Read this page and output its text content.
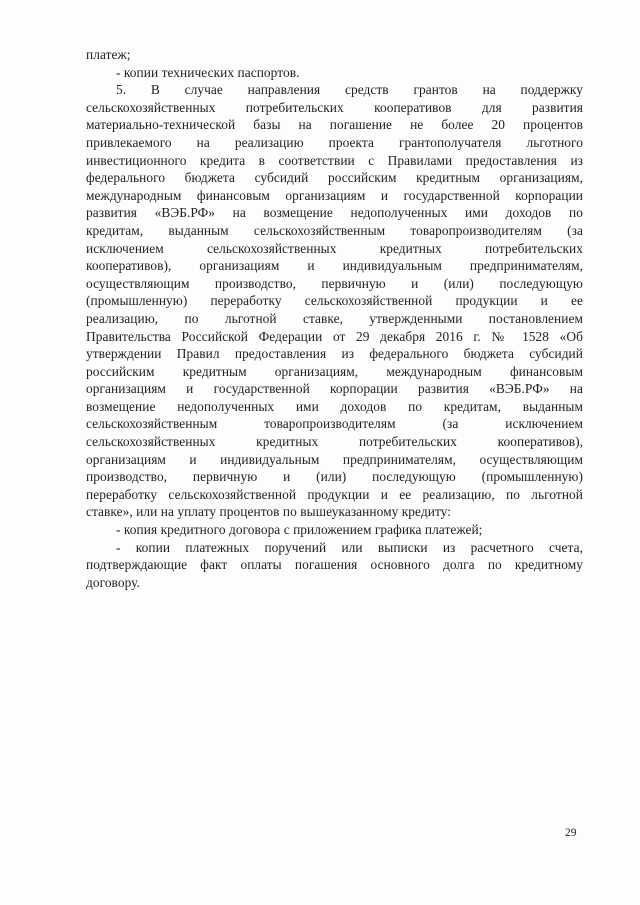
платеж;
- копии технических паспортов.
5. В случае направления средств грантов на поддержку
сельскохозяйственных потребительских кооперативов для развития
материально-технической базы на погашение не более 20 процентов
привлекаемого на реализацию проекта грантополучателя льготного
инвестиционного кредита в соответствии с Правилами предоставления из
федерального бюджета субсидий российским кредитным организациям,
международным финансовым организациям и государственной корпорации
развития «ВЭБ.РФ» на возмещение недополученных ими доходов по
кредитам, выданным сельскохозяйственным товаропроизводителям (за
исключением сельскохозяйственных кредитных потребительских
кооперативов), организациям и индивидуальным предпринимателям,
осуществляющим производство, первичную и (или) последующую
(промышленную) переработку сельскохозяйственной продукции и ее
реализацию, по льготной ставке, утвержденными постановлением
Правительства Российской Федерации от 29 декабря 2016 г. № 1528 «Об
утверждении Правил предоставления из федерального бюджета субсидий
российским кредитным организациям, международным финансовым
организациям и государственной корпорации развития «ВЭБ.РФ» на
возмещение недополученных ими доходов по кредитам, выданным
сельскохозяйственным товаропроизводителям (за исключением
сельскохозяйственных кредитных потребительских кооперативов),
организациям и индивидуальным предпринимателям, осуществляющим
производство, первичную и (или) последующую (промышленную)
переработку сельскохозяйственной продукции и ее реализацию, по льготной
ставке», или на уплату процентов по вышеуказанному кредиту:
- копия кредитного договора с приложением графика платежей;
- копии платежных поручений или выписки из расчетного счета,
подтверждающие факт оплаты погашения основного долга по кредитному
договору.
29
